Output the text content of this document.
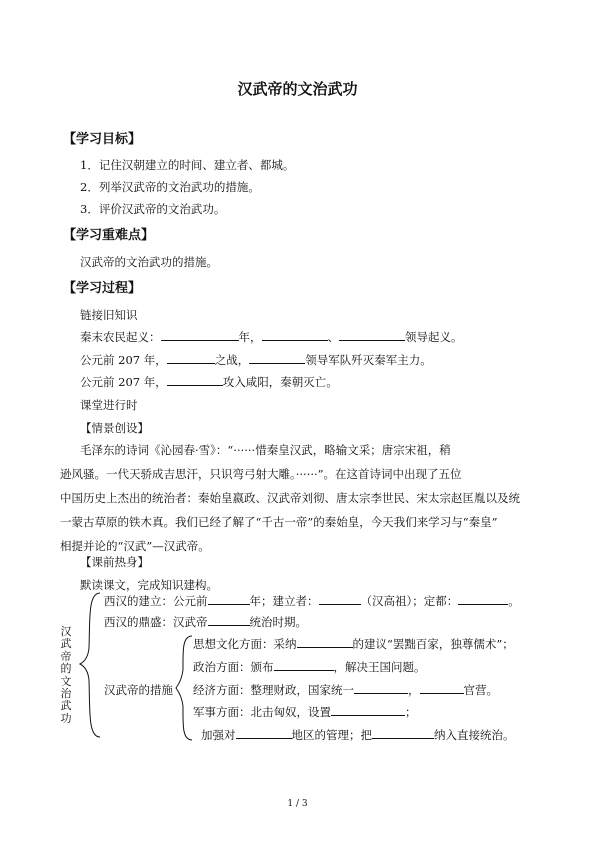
汉武帝的文治武功
【学习目标】
1．记住汉朝建立的时间、建立者、都城。
2．列举汉武帝的文治武功的措施。
3．评价汉武帝的文治武功。
【学习重难点】
汉武帝的文治武功的措施。
【学习过程】
链接旧知识
秦末农民起义：	年，	、	领导起义。
公元前 207 年，	之战，	领导军队歼灭秦军主力。
公元前 207 年，	攻入咸阳，秦朝灭亡。
课堂进行时
【情景创设】
毛泽东的诗词《沁园春·雪》：“······惜秦皇汉武，略输文采；唐宗宋祖，稍
逊风骚。一代天骄成吉思汗，只识弯弓射大雕。······”。在这首诗词中出现了五位
中国历史上杰出的统治者：秦始皇嬴政、汉武帝刘彻、唐太宗李世民、宋太宗赵匡胤以及统
一蒙古草原的铁木真。我们已经了解了“千古一帝”的秦始皇，今天我们来学习与“秦皇”
相提并论的“汉武”—汉武帝。
【课前热身】
默读课文，完成知识建构。
汉武帝的文治武功
西汉的建立：公元前	年；建立者：	（汉高祖）；定都：	。
西汉的鼎盛：汉武帝	统治时期。
汉武帝的措施
思想文化方面：采纳	的建议“罢黜百家，独尊儒术”；
政治方面：颁布	，解决王国问题。
经济方面：整理财政，国家统一	，	官营。
军事方面：北击匈奴，设置	；
加强对	地区的管理；把	纳入直接统治。
1 / 3
